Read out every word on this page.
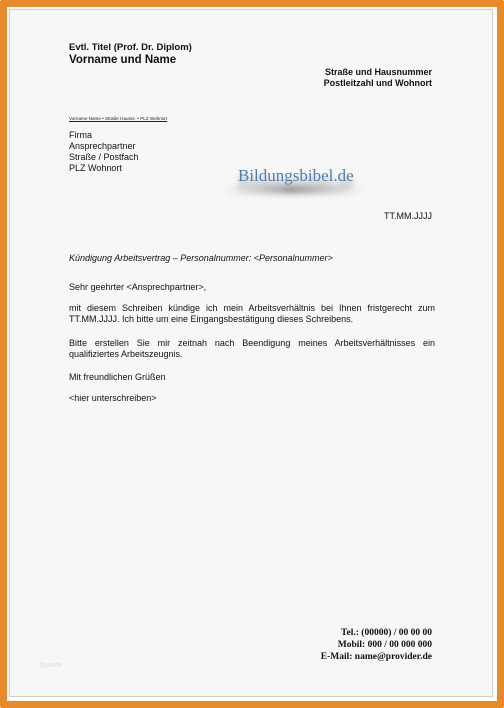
Evtl. Titel (Prof. Dr. Diplom)
Vorname und Name
Straße und Hausnummer
Postleitzahl und Wohnort
Vorname Name • Straße Hausnr. • PLZ Wohnort
Firma
Ansprechpartner
Straße / Postfach
PLZ Wohnort	Bildungsbibel.de
TT.MM.JJJJ
Kündigung Arbeitsvertrag – Personalnummer: <Personalnummer>
Sehr geehrter <Ansprechpartner>,
mit diesem Schreiben kündige ich mein Arbeitsverhältnis bei Ihnen fristgerecht zum TT.MM.JJJJ. Ich bitte um eine Eingangsbestätigung dieses Schreibens.
Bitte erstellen Sie mir zeitnah nach Beendigung meines Arbeitsverhältnisses ein qualifiziertes Arbeitszeugnis.
Mit freundlichen Grüßen
<hier unterschreiben>
Tel.: (00000) / 00 00 00
Mobil: 000 / 00 000 000
E-Mail: name@provider.de
layoutx
